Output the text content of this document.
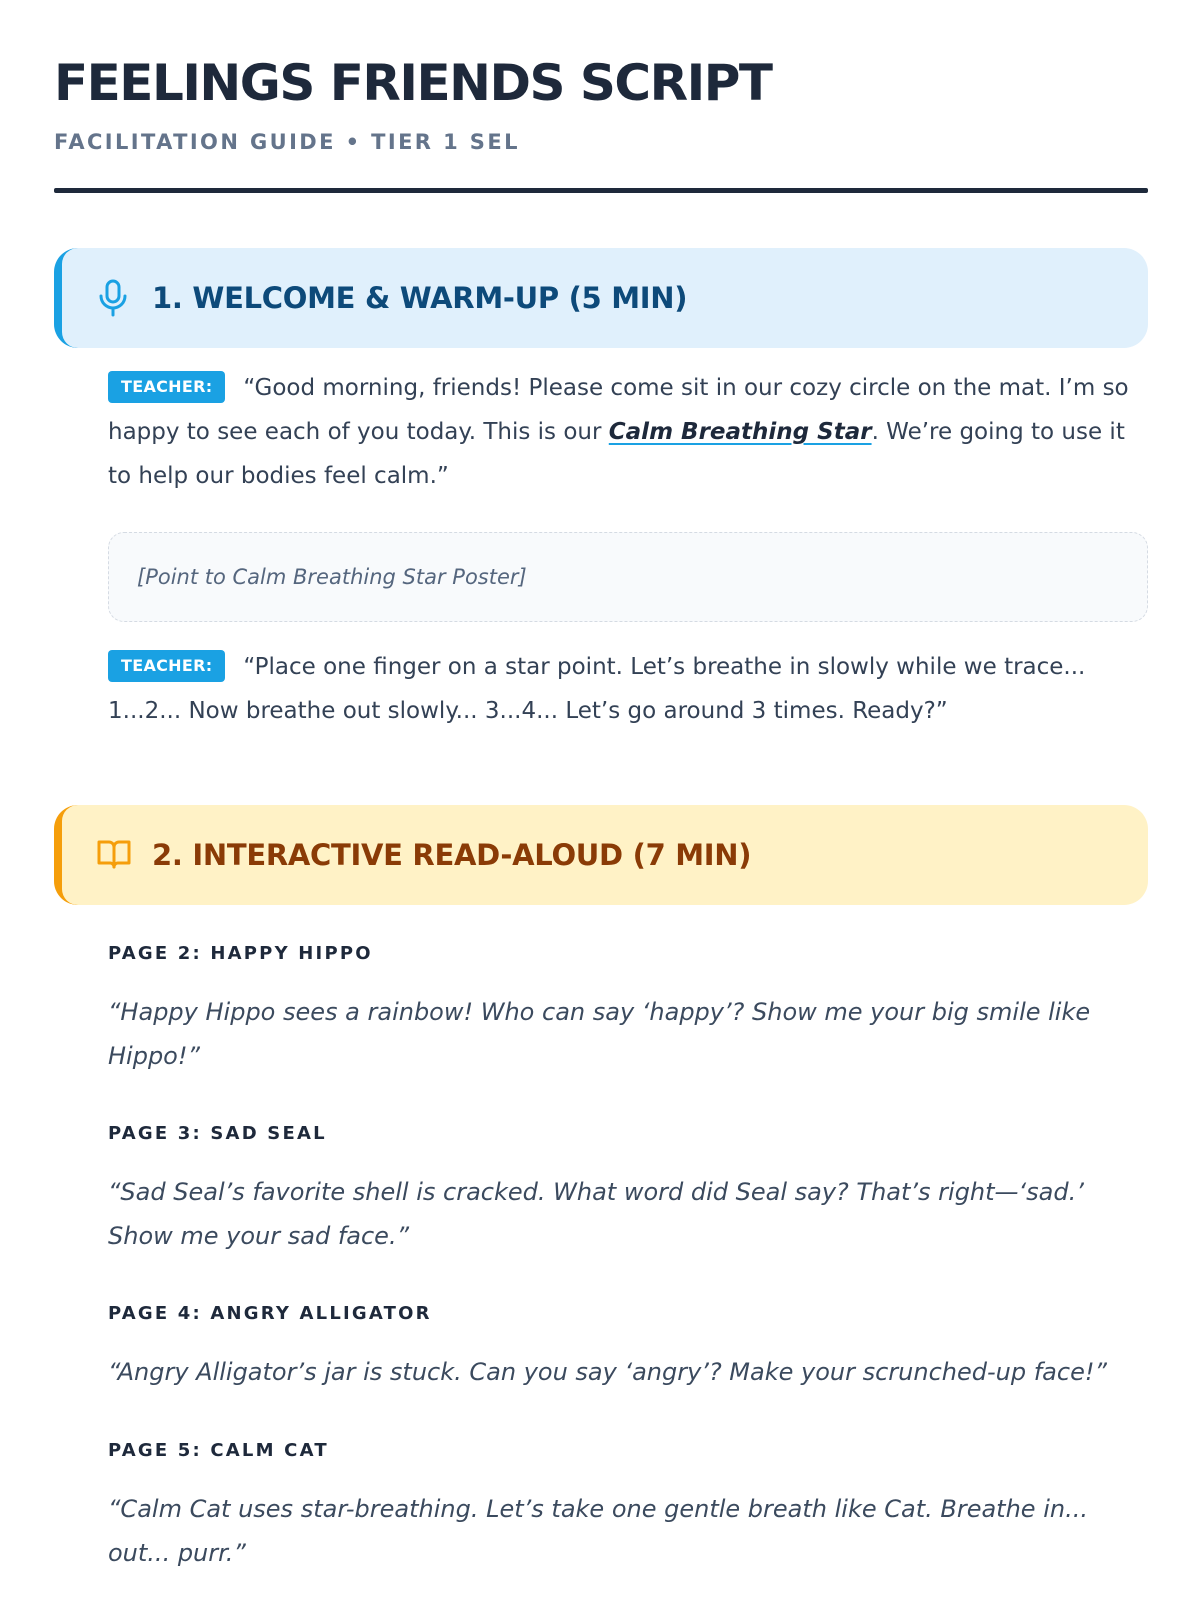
FEELINGS FRIENDS SCRIPT
FACILITATION GUIDE • TIER 1 SEL
1. WELCOME & WARM-UP (5 MIN)
TEACHER: “Good morning, friends! Please come sit in our cozy circle on the mat. I’m so happy to see each of you today. This is our Calm Breathing Star. We’re going to use it to help our bodies feel calm.”
[Point to Calm Breathing Star Poster]
TEACHER: “Place one finger on a star point. Let’s breathe in slowly while we trace... 1...2... Now breathe out slowly... 3...4... Let’s go around 3 times. Ready?”
2. INTERACTIVE READ-ALOUD (7 MIN)
PAGE 2: HAPPY HIPPO
“Happy Hippo sees a rainbow! Who can say ‘happy’? Show me your big smile like Hippo!”
PAGE 3: SAD SEAL
“Sad Seal’s favorite shell is cracked. What word did Seal say? That’s right—‘sad.’ Show me your sad face.”
PAGE 4: ANGRY ALLIGATOR
“Angry Alligator’s jar is stuck. Can you say ‘angry’? Make your scrunched-up face!”
PAGE 5: CALM CAT
“Calm Cat uses star-breathing. Let’s take one gentle breath like Cat. Breathe in... out... purr.”
